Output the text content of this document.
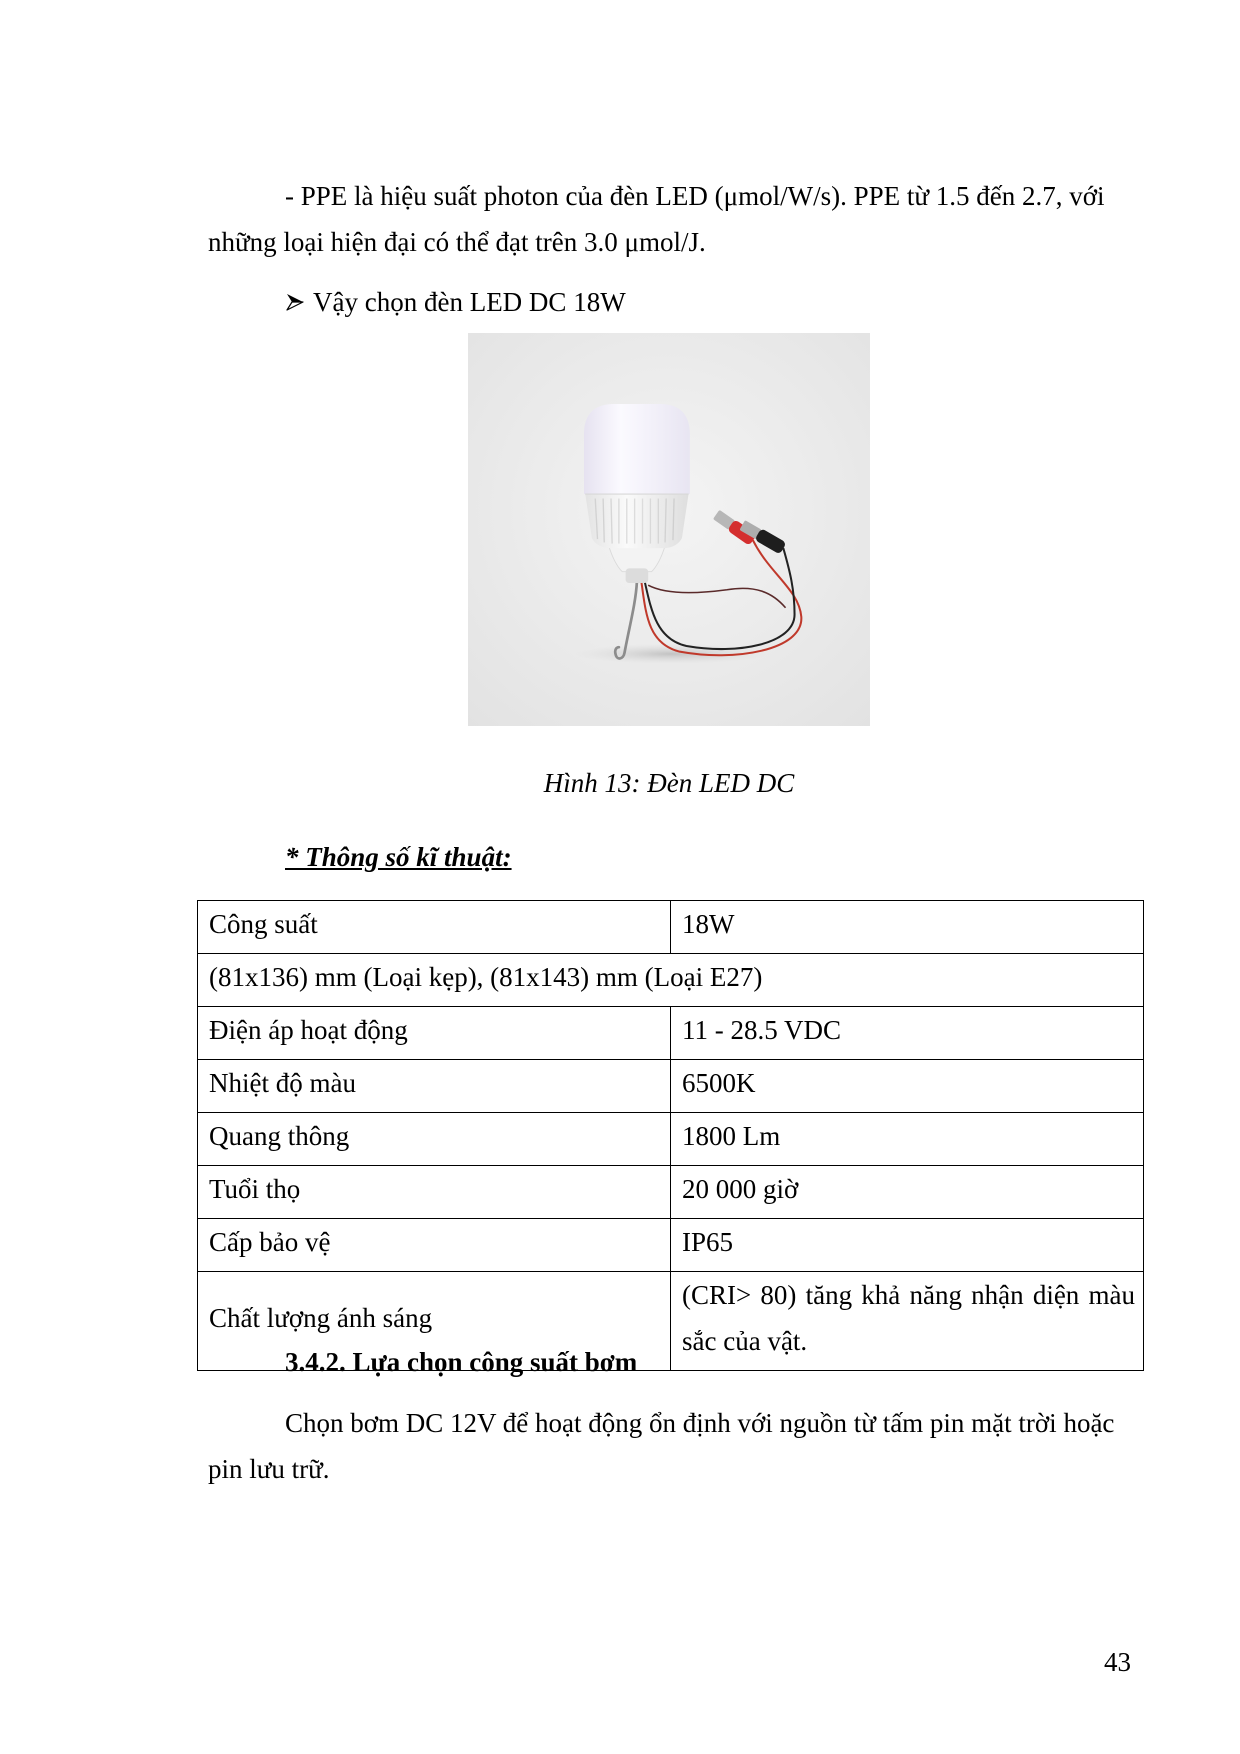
- PPE là hiệu suất photon của đèn LED (μmol/W/s). PPE từ 1.5 đến 2.7, với
những loại hiện đại có thể đạt trên 3.0 μmol/J.
Vậy chọn đèn LED DC 18W
Hình 13: Đèn LED DC
* Thông số kĩ thuật:
Công suất	18W
(81x136) mm (Loại kẹp), (81x143) mm (Loại E27)	
Điện áp hoạt động	11 - 28.5 VDC
Nhiệt độ màu	6500K
Quang thông	1800 Lm
Tuổi thọ	20 000 giờ
Cấp bảo vệ	IP65
Chất lượng ánh sáng	(CRI> 80) tăng khả năng nhận diện màu sắc của vật.
3.4.2. Lựa chọn công suất bơm
Chọn bơm DC 12V để hoạt động ổn định với nguồn từ tấm pin mặt trời hoặc
pin lưu trữ.
43
